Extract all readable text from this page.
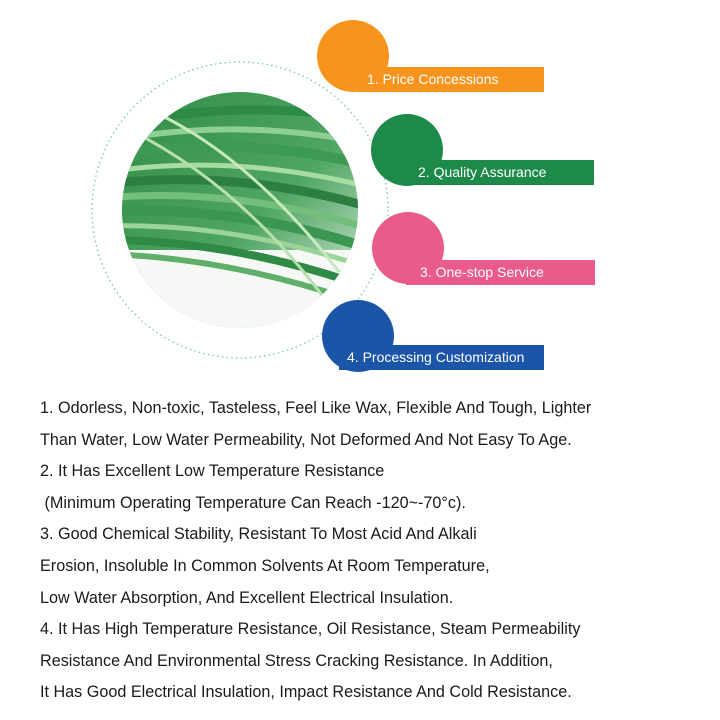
1. Price Concessions
2. Quality Assurance
3. One-stop Service
4. Processing Customization
1. Odorless, Non-toxic, Tasteless, Feel Like Wax, Flexible And Tough, Lighter
Than Water, Low Water Permeability, Not Deformed And Not Easy To Age.
2. It Has Excellent Low Temperature Resistance
(Minimum Operating Temperature Can Reach -120~-70°c).
3. Good Chemical Stability, Resistant To Most Acid And Alkali
Erosion, Insoluble In Common Solvents At Room Temperature,
Low Water Absorption, And Excellent Electrical Insulation.
4. It Has High Temperature Resistance, Oil Resistance, Steam Permeability
Resistance And Environmental Stress Cracking Resistance. In Addition,
It Has Good Electrical Insulation, Impact Resistance And Cold Resistance.
